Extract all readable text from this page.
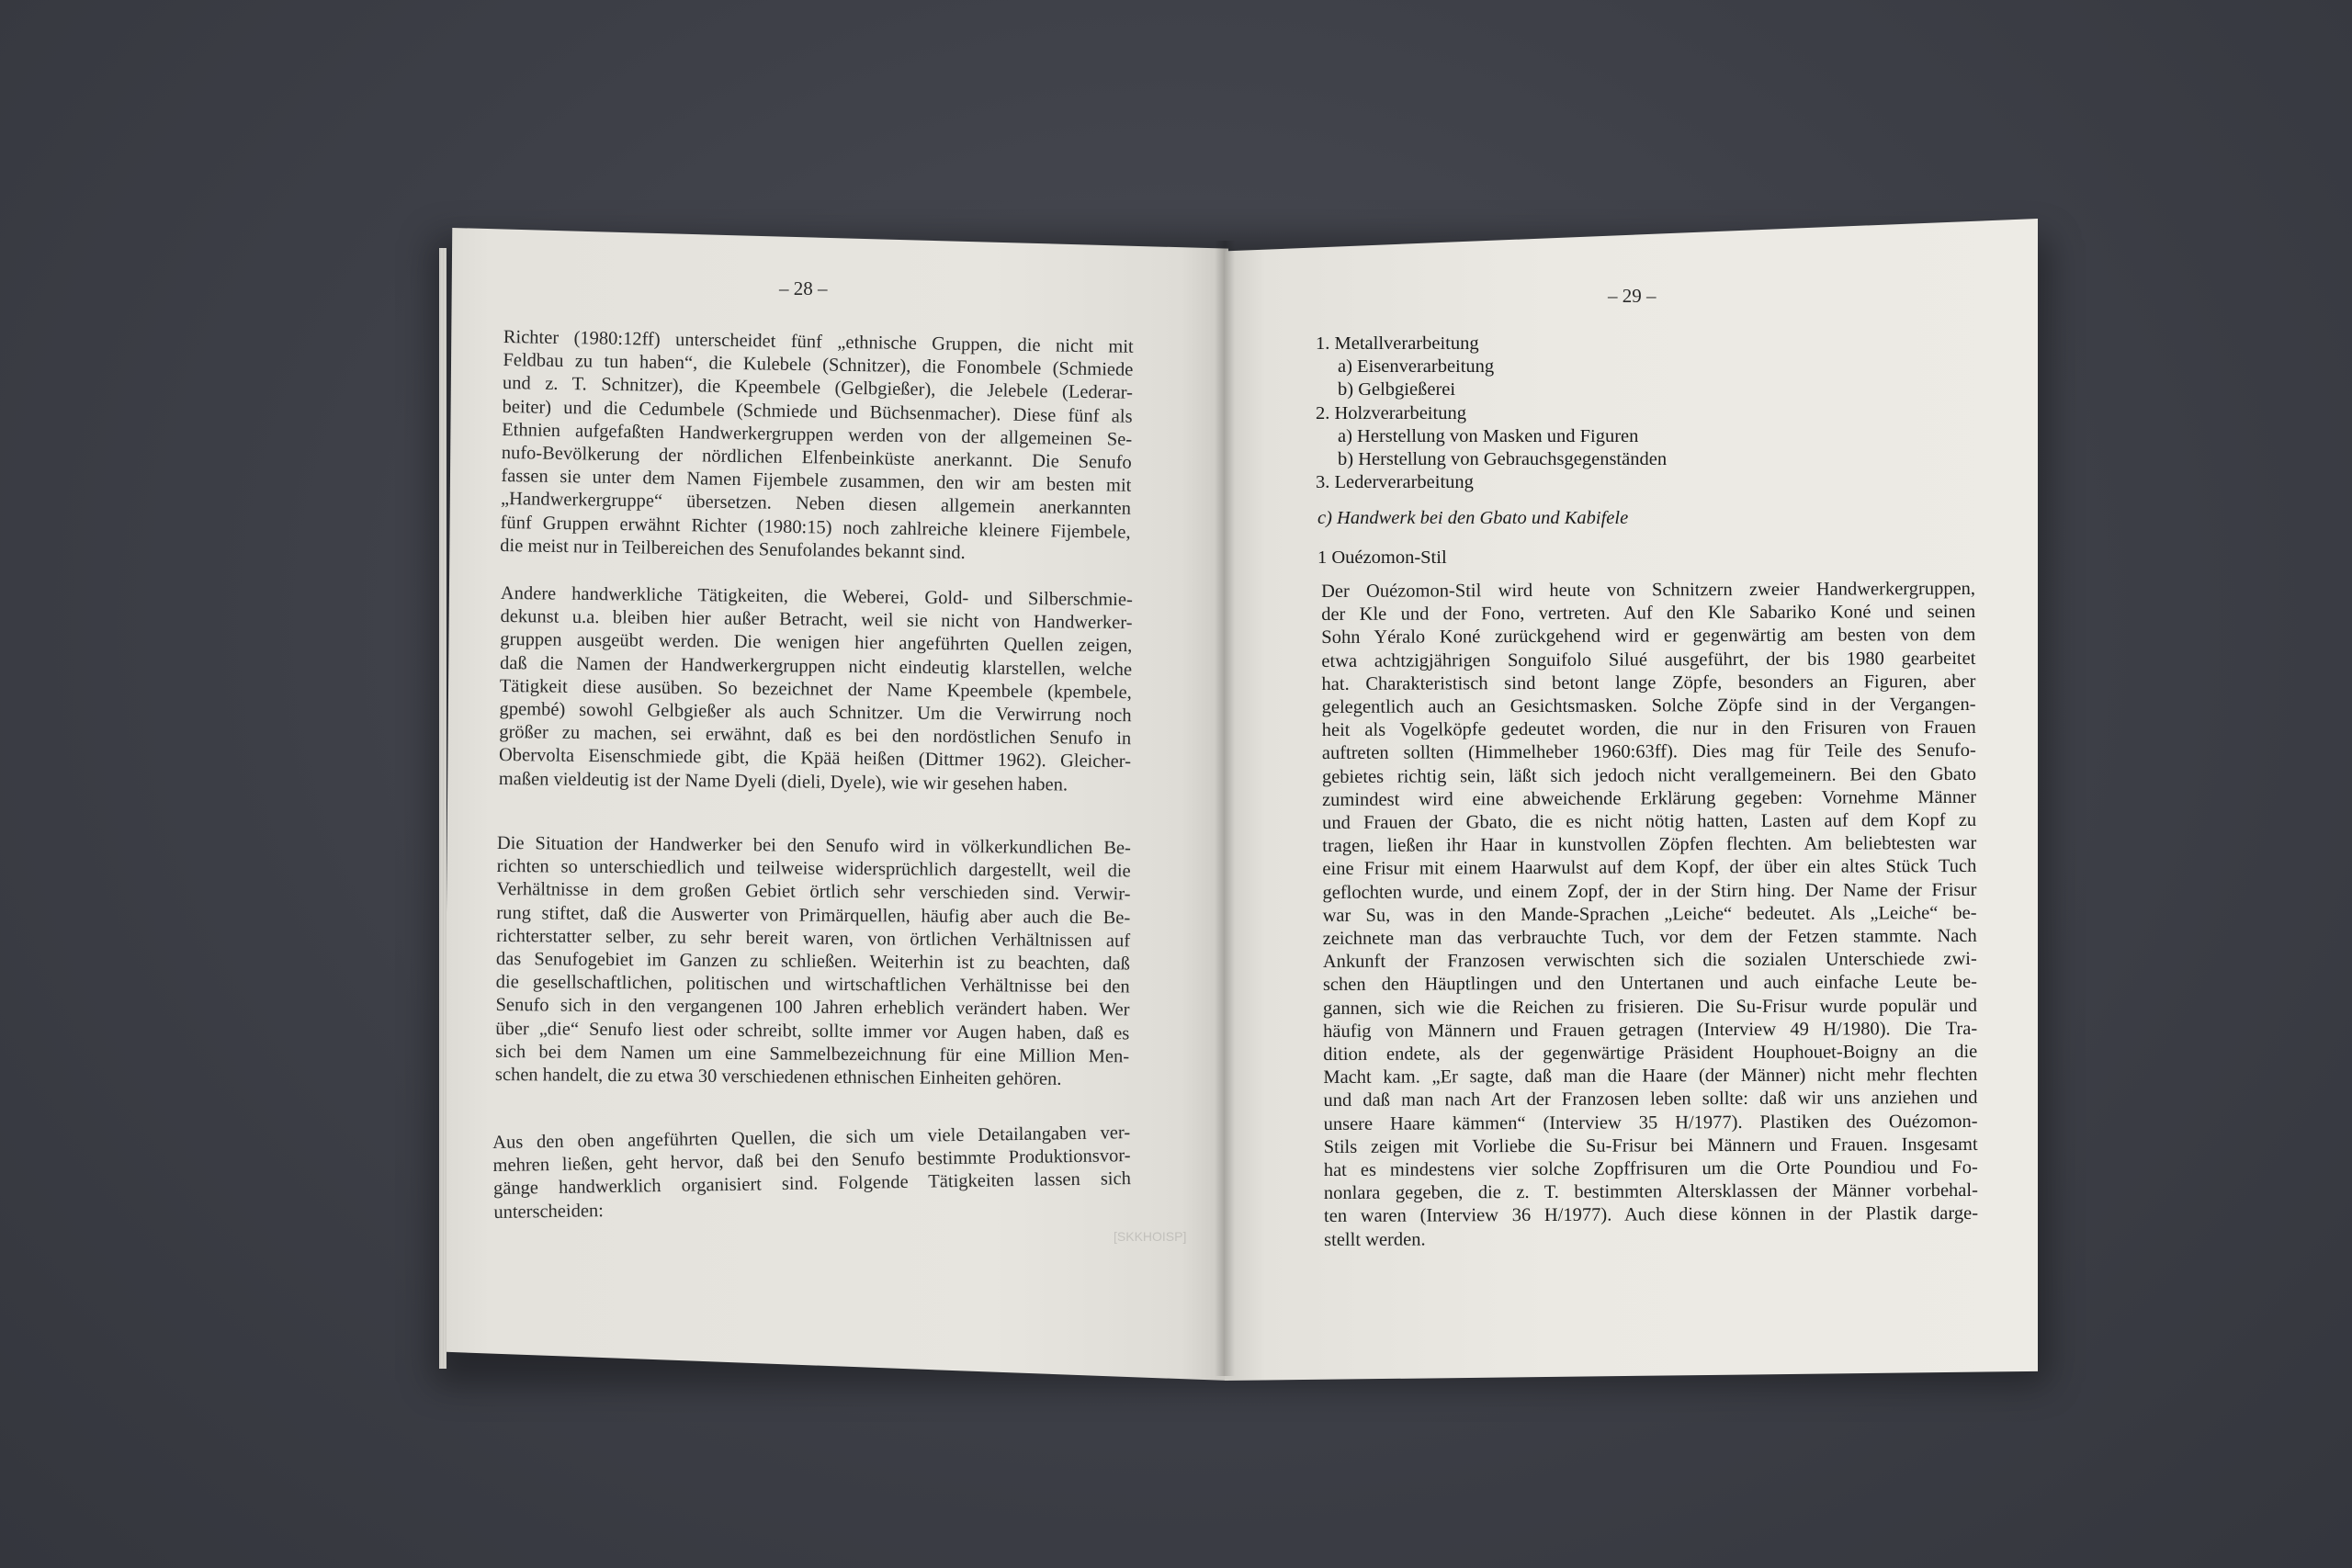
– 28 –
Richter (1980:12ff) unterscheidet fünf „ethnische Gruppen, die nicht mit
Feldbau zu tun haben“, die Kulebele (Schnitzer), die Fonombele (Schmiede
und z. T. Schnitzer), die Kpeembele (Gelbgießer), die Jelebele (Lederar-
beiter) und die Cedumbele (Schmiede und Büchsenmacher). Diese fünf als
Ethnien aufgefaßten Handwerkergruppen werden von der allgemeinen Se-
nufo-Bevölkerung der nördlichen Elfenbeinküste anerkannt. Die Senufo
fassen sie unter dem Namen Fijembele zusammen, den wir am besten mit
„Handwerkergruppe“ übersetzen. Neben diesen allgemein anerkannten
fünf Gruppen erwähnt Richter (1980:15) noch zahlreiche kleinere Fijembele,
die meist nur in Teilbereichen des Senufolandes bekannt sind.
Andere handwerkliche Tätigkeiten, die Weberei, Gold- und Silberschmie-
dekunst u.a. bleiben hier außer Betracht, weil sie nicht von Handwerker-
gruppen ausgeübt werden. Die wenigen hier angeführten Quellen zeigen,
daß die Namen der Handwerkergruppen nicht eindeutig klarstellen, welche
Tätigkeit diese ausüben. So bezeichnet der Name Kpeembele (kpembele,
gpembé) sowohl Gelbgießer als auch Schnitzer. Um die Verwirrung noch
größer zu machen, sei erwähnt, daß es bei den nordöstlichen Senufo in
Obervolta Eisenschmiede gibt, die Kpää heißen (Dittmer 1962). Gleicher-
maßen vieldeutig ist der Name Dyeli (dieli, Dyele), wie wir gesehen haben.
Die Situation der Handwerker bei den Senufo wird in völkerkundlichen Be-
richten so unterschiedlich und teilweise widersprüchlich dargestellt, weil die
Verhältnisse in dem großen Gebiet örtlich sehr verschieden sind. Verwir-
rung stiftet, daß die Auswerter von Primärquellen, häufig aber auch die Be-
richterstatter selber, zu sehr bereit waren, von örtlichen Verhältnissen auf
das Senufogebiet im Ganzen zu schließen. Weiterhin ist zu beachten, daß
die gesellschaftlichen, politischen und wirtschaftlichen Verhältnisse bei den
Senufo sich in den vergangenen 100 Jahren erheblich verändert haben. Wer
über „die“ Senufo liest oder schreibt, sollte immer vor Augen haben, daß es
sich bei dem Namen um eine Sammelbezeichnung für eine Million Men-
schen handelt, die zu etwa 30 verschiedenen ethnischen Einheiten gehören.
Aus den oben angeführten Quellen, die sich um viele Detailangaben ver-
mehren ließen, geht hervor, daß bei den Senufo bestimmte Produktionsvor-
gänge handwerklich organisiert sind. Folgende Tätigkeiten lassen sich
unterscheiden:
– 29 –
1. Metallverarbeitung
a) Eisenverarbeitung
b) Gelbgießerei
2. Holzverarbeitung
a) Herstellung von Masken und Figuren
b) Herstellung von Gebrauchsgegenständen
3. Lederverarbeitung
c) Handwerk bei den Gbato und Kabifele
1 Ouézomon-Stil
Der Ouézomon-Stil wird heute von Schnitzern zweier Handwerkergruppen,
der Kle und der Fono, vertreten. Auf den Kle Sabariko Koné und seinen
Sohn Yéralo Koné zurückgehend wird er gegenwärtig am besten von dem
etwa achtzigjährigen Songuifolo Silué ausgeführt, der bis 1980 gearbeitet
hat. Charakteristisch sind betont lange Zöpfe, besonders an Figuren, aber
gelegentlich auch an Gesichtsmasken. Solche Zöpfe sind in der Vergangen-
heit als Vogelköpfe gedeutet worden, die nur in den Frisuren von Frauen
auftreten sollten (Himmelheber 1960:63ff). Dies mag für Teile des Senufo-
gebietes richtig sein, läßt sich jedoch nicht verallgemeinern. Bei den Gbato
zumindest wird eine abweichende Erklärung gegeben: Vornehme Männer
und Frauen der Gbato, die es nicht nötig hatten, Lasten auf dem Kopf zu
tragen, ließen ihr Haar in kunstvollen Zöpfen flechten. Am beliebtesten war
eine Frisur mit einem Haarwulst auf dem Kopf, der über ein altes Stück Tuch
geflochten wurde, und einem Zopf, der in der Stirn hing. Der Name der Frisur
war Su, was in den Mande-Sprachen „Leiche“ bedeutet. Als „Leiche“ be-
zeichnete man das verbrauchte Tuch, vor dem der Fetzen stammte. Nach
Ankunft der Franzosen verwischten sich die sozialen Unterschiede zwi-
schen den Häuptlingen und den Untertanen und auch einfache Leute be-
gannen, sich wie die Reichen zu frisieren. Die Su-Frisur wurde populär und
häufig von Männern und Frauen getragen (Interview 49 H/1980). Die Tra-
dition endete, als der gegenwärtige Präsident Houphouet-Boigny an die
Macht kam. „Er sagte, daß man die Haare (der Männer) nicht mehr flechten
und daß man nach Art der Franzosen leben sollte: daß wir uns anziehen und
unsere Haare kämmen“ (Interview 35 H/1977). Plastiken des Ouézomon-
Stils zeigen mit Vorliebe die Su-Frisur bei Männern und Frauen. Insgesamt
hat es mindestens vier solche Zopffrisuren um die Orte Poundiou und Fo-
nonlara gegeben, die z. T. bestimmten Altersklassen der Männer vorbehal-
ten waren (Interview 36 H/1977). Auch diese können in der Plastik darge-
stellt werden.
[SKKHOISP]
